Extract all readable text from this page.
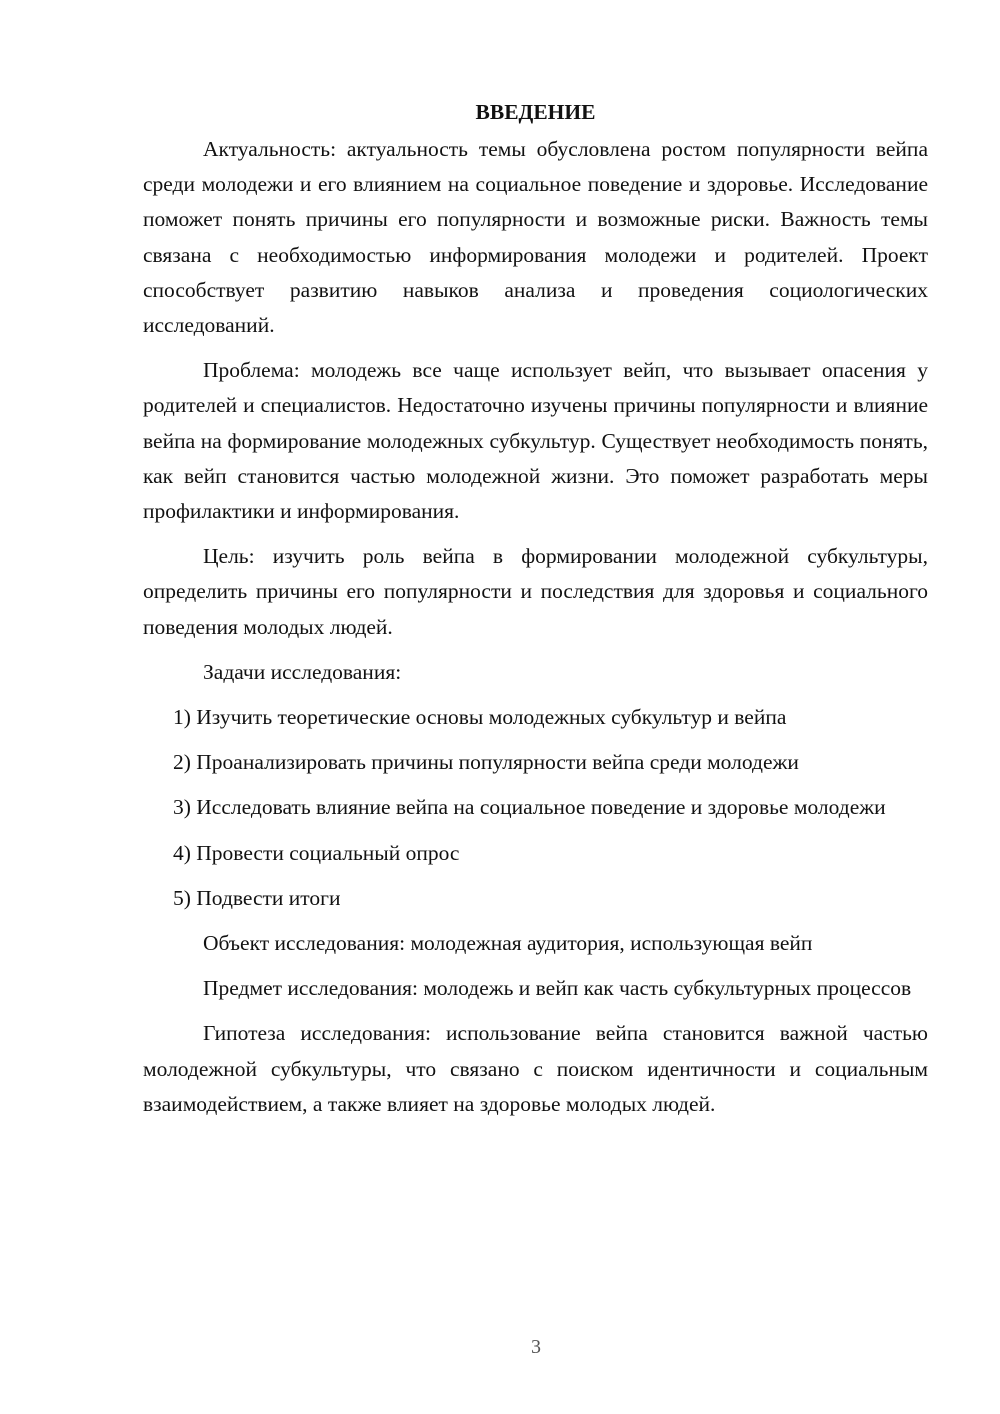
ВВЕДЕНИЕ

Актуальность: актуальность темы обусловлена ростом популярности вейпа среди молодежи и его влиянием на социальное поведение и здоровье. Исследование поможет понять причины его популярности и возможные риски. Важность темы связана с необходимостью информирования молодежи и родителей. Проект способствует развитию навыков анализа и проведения социологических исследований.

Проблема: молодежь все чаще использует вейп, что вызывает опасения у родителей и специалистов. Недостаточно изучены причины популярности и влияние вейпа на формирование молодежных субкультур. Существует необходимость понять, как вейп становится частью молодежной жизни. Это поможет разработать меры профилактики и информирования.

Цель: изучить роль вейпа в формировании молодежной субкультуры, определить причины его популярности и последствия для здоровья и социального поведения молодых людей.

Задачи исследования:

1) Изучить теоретические основы молодежных субкультур и вейпа

2) Проанализировать причины популярности вейпа среди молодежи

3) Исследовать влияние вейпа на социальное поведение и здоровье молодежи

4) Провести социальный опрос

5) Подвести итоги

Объект исследования: молодежная аудитория, использующая вейп

Предмет исследования: молодежь и вейп как часть субкультурных процессов

Гипотеза исследования: использование вейпа становится важной частью молодежной субкультуры, что связано с поиском идентичности и социальным взаимодействием, а также влияет на здоровье молодых людей.

3
